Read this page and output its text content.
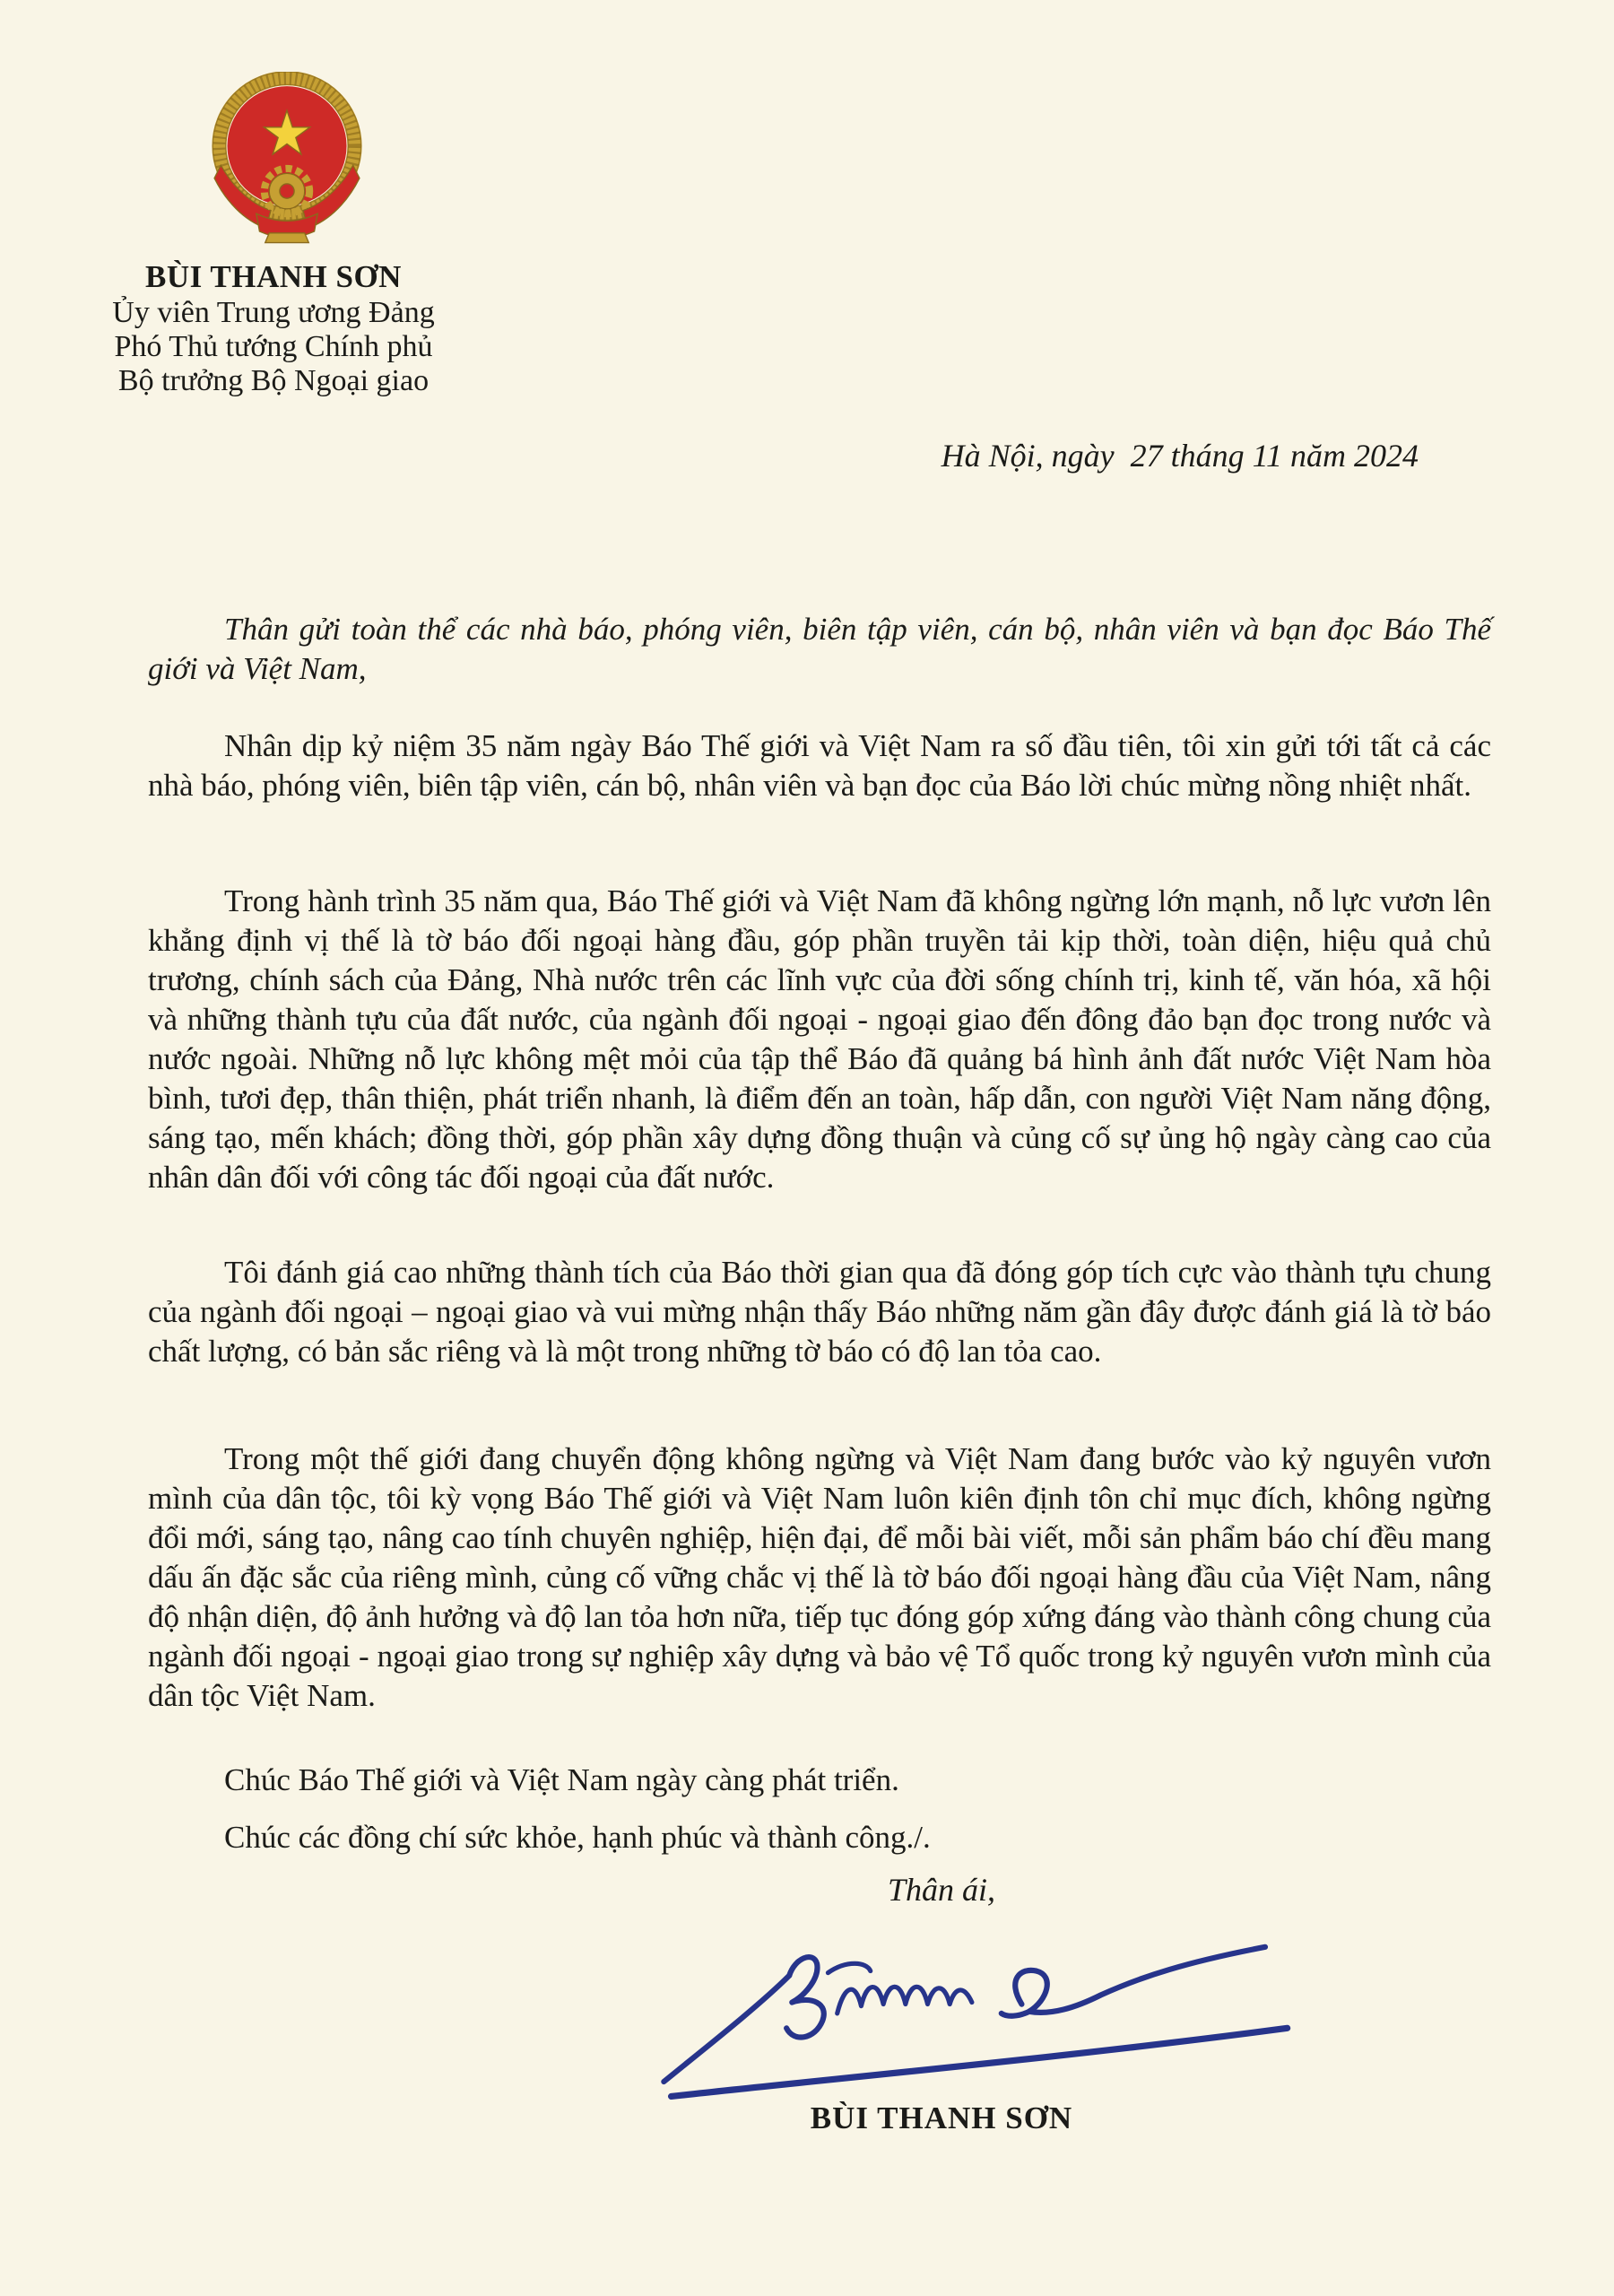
BÙI THANH SƠN
Ủy viên Trung ương Đảng
Phó Thủ tướng Chính phủ
Bộ trưởng Bộ Ngoại giao
Hà Nội, ngày  27 tháng 11 năm 2024

Thân gửi toàn thể các nhà báo, phóng viên, biên tập viên, cán bộ, nhân viên và bạn đọc Báo Thế giới và Việt Nam,

Nhân dịp kỷ niệm 35 năm ngày Báo Thế giới và Việt Nam ra số đầu tiên, tôi xin gửi tới tất cả các nhà báo, phóng viên, biên tập viên, cán bộ, nhân viên và bạn đọc của Báo lời chúc mừng nồng nhiệt nhất.

Trong hành trình 35 năm qua, Báo Thế giới và Việt Nam đã không ngừng lớn mạnh, nỗ lực vươn lên khẳng định vị thế là tờ báo đối ngoại hàng đầu, góp phần truyền tải kịp thời, toàn diện, hiệu quả chủ trương, chính sách của Đảng, Nhà nước trên các lĩnh vực của đời sống chính trị, kinh tế, văn hóa, xã hội và những thành tựu của đất nước, của ngành đối ngoại - ngoại giao đến đông đảo bạn đọc trong nước và nước ngoài. Những nỗ lực không mệt mỏi của tập thể Báo đã quảng bá hình ảnh đất nước Việt Nam hòa bình, tươi đẹp, thân thiện, phát triển nhanh, là điểm đến an toàn, hấp dẫn, con người Việt Nam năng động, sáng tạo, mến khách; đồng thời, góp phần xây dựng đồng thuận và củng cố sự ủng hộ ngày càng cao của nhân dân đối với công tác đối ngoại của đất nước.

Tôi đánh giá cao những thành tích của Báo thời gian qua đã đóng góp tích cực vào thành tựu chung của ngành đối ngoại – ngoại giao và vui mừng nhận thấy Báo những năm gần đây được đánh giá là tờ báo chất lượng, có bản sắc riêng và là một trong những tờ báo có độ lan tỏa cao.

Trong một thế giới đang chuyển động không ngừng và Việt Nam đang bước vào kỷ nguyên vươn mình của dân tộc, tôi kỳ vọng Báo Thế giới và Việt Nam luôn kiên định tôn chỉ mục đích, không ngừng đổi mới, sáng tạo, nâng cao tính chuyên nghiệp, hiện đại, để mỗi bài viết, mỗi sản phẩm báo chí đều mang dấu ấn đặc sắc của riêng mình, củng cố vững chắc vị thế là tờ báo đối ngoại hàng đầu của Việt Nam, nâng độ nhận diện, độ ảnh hưởng và độ lan tỏa hơn nữa, tiếp tục đóng góp xứng đáng vào thành công chung của ngành đối ngoại - ngoại giao trong sự nghiệp xây dựng và bảo vệ Tổ quốc trong kỷ nguyên vươn mình của dân tộc Việt Nam.

Chúc Báo Thế giới và Việt Nam ngày càng phát triển.

Chúc các đồng chí sức khỏe, hạnh phúc và thành công./.

Thân ái,
BÙI THANH SƠN
